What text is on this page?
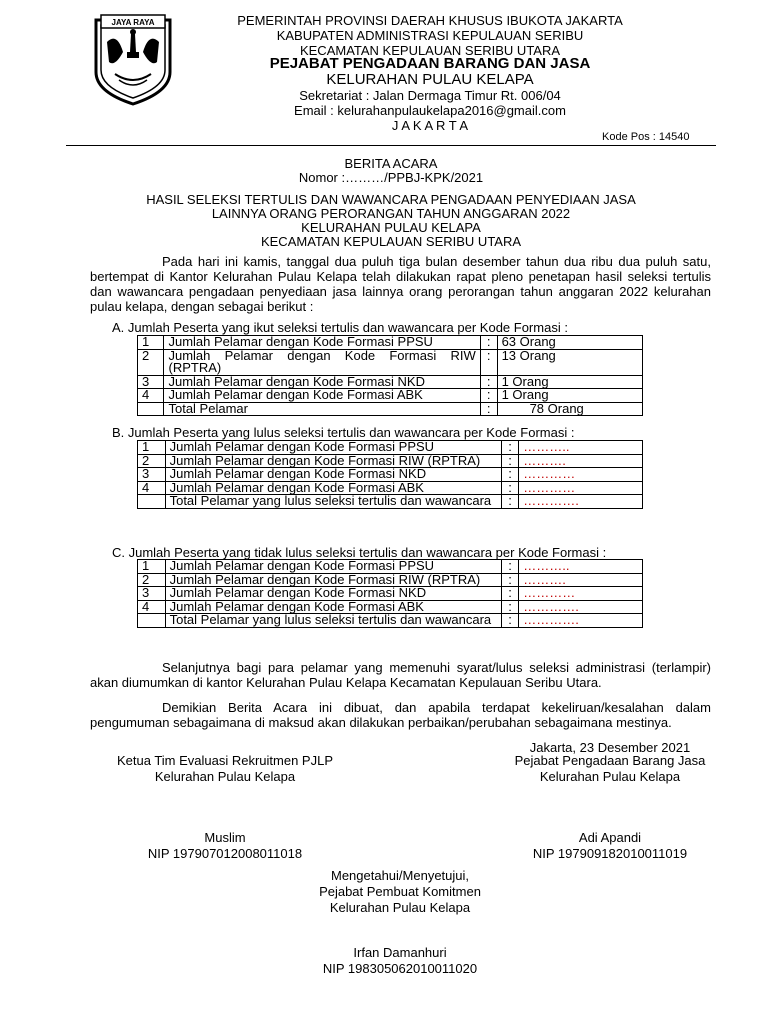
JAYA RAYA	PEMERINTAH PROVINSI DAERAH KHUSUS IBUKOTA JAKARTA
KABUPATEN ADMINISTRASI KEPULAUAN SERIBU
KECAMATAN KEPULAUAN SERIBU UTARA
PEJABAT PENGADAAN BARANG DAN JASA
KELURAHAN PULAU KELAPA
Sekretariat : Jalan Dermaga Timur Rt. 006/04
Email : kelurahanpulaukelapa2016@gmail.com
J A K A R T A
Kode Pos : 14540
BERITA ACARA
Nomor :………/PPBJ-KPK/2021
HASIL SELEKSI TERTULIS DAN WAWANCARA PENGADAAN PENYEDIAAN JASA
LAINNYA ORANG PERORANGAN TAHUN ANGGARAN 2022
KELURAHAN PULAU KELAPA
KECAMATAN KEPULAUAN SERIBU UTARA
Pada hari ini kamis, tanggal dua puluh tiga bulan desember tahun dua ribu dua puluh satu, bertempat di Kantor Kelurahan Pulau Kelapa telah dilakukan rapat pleno penetapan hasil seleksi tertulis dan wawancara pengadaan penyediaan jasa lainnya orang perorangan tahun anggaran 2022 kelurahan pulau kelapa, dengan sebagai berikut :
A. Jumlah Peserta yang ikut seleksi tertulis dan wawancara per Kode Formasi :
1	Jumlah Pelamar dengan Kode Formasi PPSU	:	63 Orang
2	Jumlah Pelamar dengan Kode Formasi RIW (RPTRA)	:	13 Orang
3	Jumlah Pelamar dengan Kode Formasi NKD	:	1 Orang
4	Jumlah Pelamar dengan Kode Formasi ABK	:	1 Orang
	Total Pelamar	:	78 Orang
B. Jumlah Peserta yang lulus seleksi tertulis dan wawancara per Kode Formasi :
1	Jumlah Pelamar dengan Kode Formasi PPSU	:	………..
2	Jumlah Pelamar dengan Kode Formasi RIW (RPTRA)	:	……….
3	Jumlah Pelamar dengan Kode Formasi NKD	:	…………
4	Jumlah Pelamar dengan Kode Formasi ABK	:	…………
	Total Pelamar yang lulus seleksi tertulis dan wawancara	:	………….
C. Jumlah Peserta yang tidak lulus seleksi tertulis dan wawancara per Kode Formasi :
1	Jumlah Pelamar dengan Kode Formasi PPSU	:	………..
2	Jumlah Pelamar dengan Kode Formasi RIW (RPTRA)	:	……….
3	Jumlah Pelamar dengan Kode Formasi NKD	:	…………
4	Jumlah Pelamar dengan Kode Formasi ABK	:	………….
	Total Pelamar yang lulus seleksi tertulis dan wawancara	:	………….
Selanjutnya bagi para pelamar yang memenuhi syarat/lulus seleksi administrasi (terlampir) akan diumumkan di kantor Kelurahan Pulau Kelapa Kecamatan Kepulauan Seribu Utara.
Demikian Berita Acara ini dibuat, dan apabila terdapat kekeliruan/kesalahan dalam pengumuman sebagaimana di maksud akan dilakukan perbaikan/perubahan sebagaimana mestinya.
Jakarta, 23 Desember 2021
Ketua Tim Evaluasi Rekruitmen PJLP
Kelurahan Pulau Kelapa
Pejabat Pengadaan Barang Jasa
Kelurahan Pulau Kelapa
Muslim
NIP 197907012008011018
Adi Apandi
NIP 197909182010011019
Mengetahui/Menyetujui,
Pejabat Pembuat Komitmen
Kelurahan Pulau Kelapa
Irfan Damanhuri
NIP 198305062010011020
